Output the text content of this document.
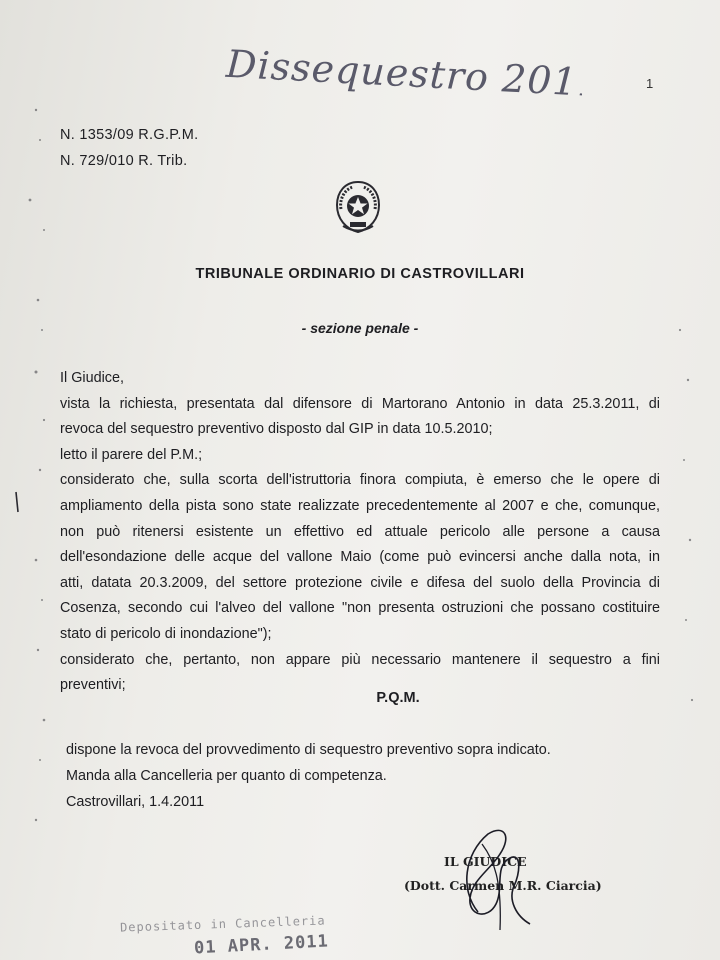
Dissequestro 2011	1
N. 1353/09 R.G.P.M.
N. 729/010 R. Trib.
TRIBUNALE ORDINARIO DI CASTROVILLARI
- sezione penale -
Il Giudice,
vista la richiesta, presentata dal difensore di Martorano Antonio in data 25.3.2011, di
revoca del sequestro preventivo disposto dal GIP in data 10.5.2010;
letto il parere del P.M.;
considerato che, sulla scorta dell'istruttoria finora compiuta, è emerso che le opere di
ampliamento della pista sono state realizzate precedentemente al 2007 e che, comunque,
non può ritenersi esistente un effettivo ed attuale pericolo alle persone a causa
dell'esondazione delle acque del vallone Maio (come può evincersi anche dalla nota, in
atti, datata 20.3.2009, del settore protezione civile e difesa del suolo della Provincia di
Cosenza, secondo cui l'alveo del vallone "non presenta ostruzioni che possano costituire
stato di pericolo di inondazione");
considerato che, pertanto, non appare più necessario mantenere il sequestro a fini
preventivi;
P.Q.M.
dispone la revoca del provvedimento di sequestro preventivo sopra indicato.
Manda alla Cancelleria per quanto di competenza.
Castrovillari, 1.4.2011
IL GIUDICE
(Dott. Carmen M.R. Ciarcia)
Depositato in Cancelleria
01 APR. 2011
